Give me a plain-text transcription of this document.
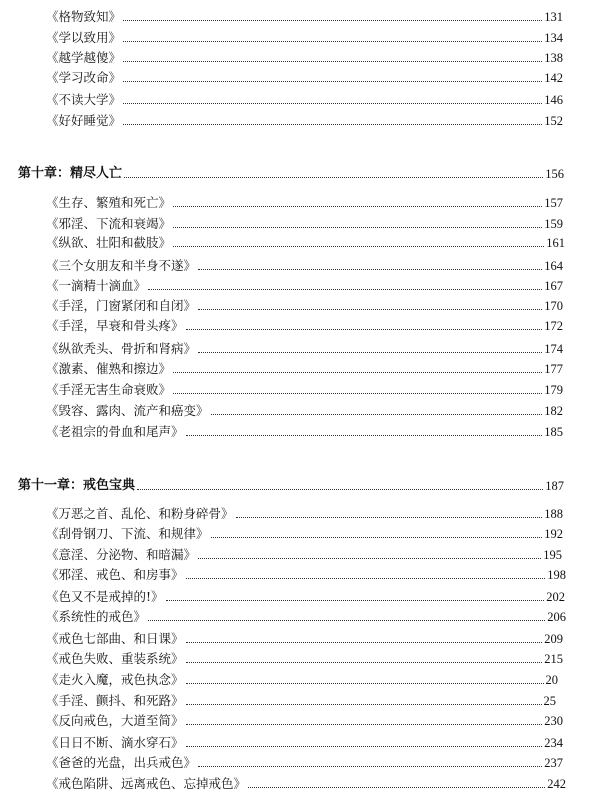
《格物致知》	131
《学以致用》	134
《越学越傻》	138
《学习改命》	142
《不读大学》	146
《好好睡觉》	152
第十章：精尽人亡	156
《生存、繁殖和死亡》	157
《邪淫、下流和衰竭》	159
《纵欲、壮阳和截肢》	161
《三个女朋友和半身不遂》	164
《一滴精十滴血》	167
《手淫，门窗紧闭和自闭》	170
《手淫，早衰和骨头疼》	172
《纵欲秃头、骨折和肾病》	174
《激素、催熟和擦边》	177
《手淫无害生命衰败》	179
《毁容、露肉、流产和癌变》	182
《老祖宗的骨血和尾声》	185
第十一章：戒色宝典	187
《万恶之首、乱伦、和粉身碎骨》	188
《刮骨钢刀、下流、和规律》	192
《意淫、分泌物、和暗漏》	195
《邪淫、戒色、和房事》	198
《色又不是戒掉的!》	202
《系统性的戒色》	206
《戒色七部曲、和日课》	209
《戒色失败、重装系统》	215
《走火入魔，戒色执念》	20
《手淫、颤抖、和死路》	25
《反向戒色，大道至简》	230
《日日不断、滴水穿石》	234
《爸爸的光盘，出兵戒色》	237
《戒色陷阱、远离戒色、忘掉戒色》	242
